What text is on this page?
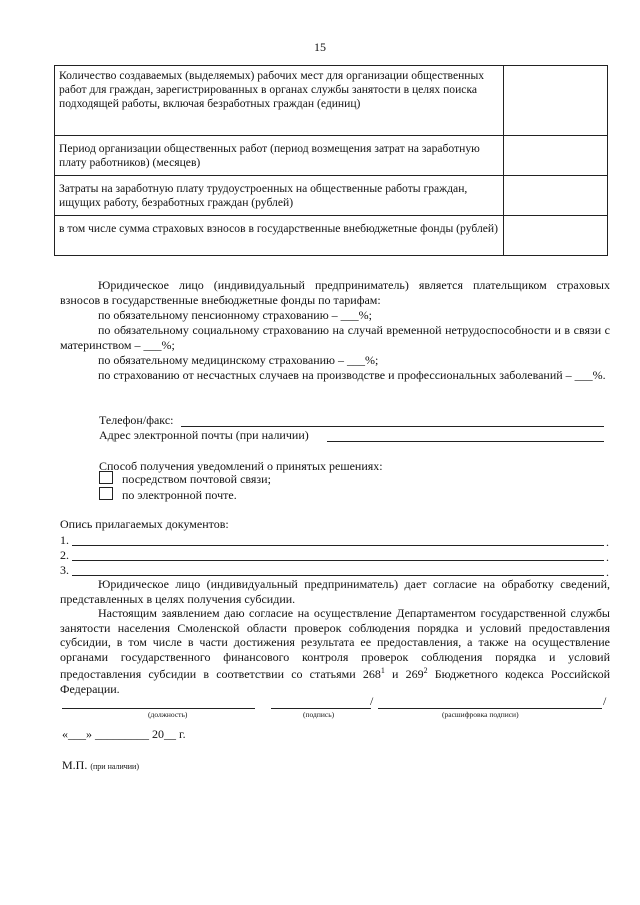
15
Количество создаваемых (выделяемых) рабочих мест для организации общественных работ для граждан, зарегистрированных в органах службы занятости в целях поиска подходящей работы, включая безработных граждан (единиц)	
Период организации общественных работ (период возмещения затрат на заработную плату работников) (месяцев)	
Затраты на заработную плату трудоустроенных на общественные работы граждан, ищущих работу, безработных граждан (рублей)	
в том числе сумма страховых взносов в государственные внебюджетные фонды (рублей)	
Юридическое лицо (индивидуальный предприниматель) является плательщиком страховых взносов в государственные внебюджетные фонды по тарифам:
по обязательному пенсионному страхованию – ___%;
по обязательному социальному страхованию на случай временной нетрудоспособности и в связи с материнством – ___%;
по обязательному медицинскому страхованию – ___%;
по страхованию от несчастных случаев на производстве и профессиональных заболеваний – ___%.
Телефон/факс:
Адрес электронной почты (при наличии)
Способ получения уведомлений о принятых решениях:
посредством почтовой связи;
по электронной почте.
Опись прилагаемых документов:
1.	.
2.	.
3.	.
Юридическое лицо (индивидуальный предприниматель) дает согласие на обработку сведений, представленных в целях получения субсидии.
Настоящим заявлением даю согласие на осуществление Департаментом государственной службы занятости населения Смоленской области проверок соблюдения порядка и условий предоставления субсидии, в том числе в части достижения результата ее предоставления, а также на осуществление органами государственного финансового контроля проверок соблюдения порядка и условий предоставления субсидии в соответствии со статьями $268^1$ и $269^2$ Бюджетного кодекса Российской Федерации.
/	/
(должность)	(подпись)	(расшифровка подписи)
«___» _________ 20__ г.
М.П. (при наличии)
